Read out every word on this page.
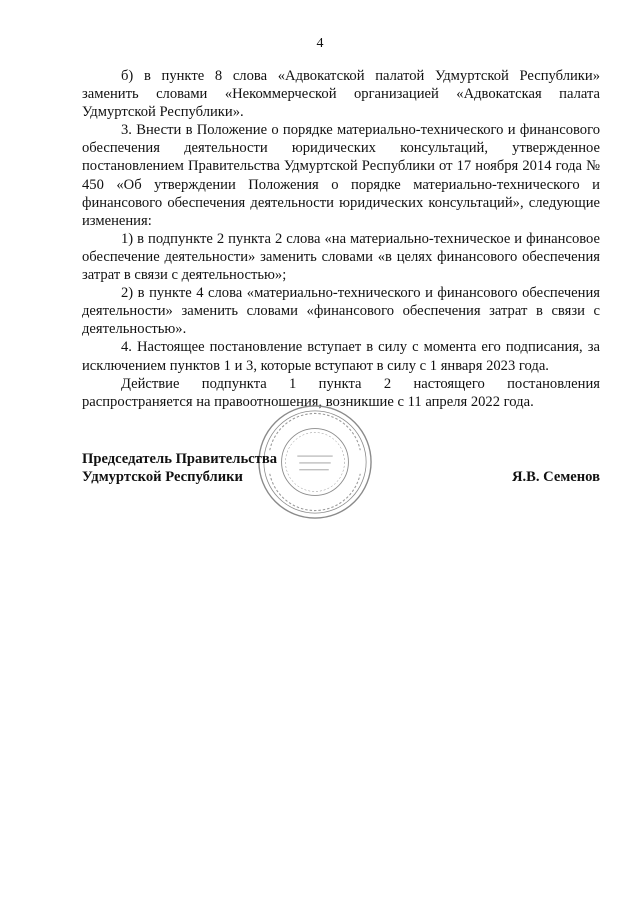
4

б) в пункте 8 слова «Адвокатской палатой Удмуртской Республики» заменить словами «Некоммерческой организацией «Адвокатская палата Удмуртской Республики».

3. Внести в Положение о порядке материально-технического и финансового обеспечения деятельности юридических консультаций, утвержденное постановлением Правительства Удмуртской Республики от 17 ноября 2014 года № 450 «Об утверждении Положения о порядке материально-технического и финансового обеспечения деятельности юридических консультаций», следующие изменения:

1) в подпункте 2 пункта 2 слова «на материально-техническое и финансовое обеспечение деятельности» заменить словами «в целях финансового обеспечения затрат в связи с деятельностью»;

2) в пункте 4 слова «материально-технического и финансового обеспечения деятельности» заменить словами «финансового обеспечения затрат в связи с деятельностью».

4. Настоящее постановление вступает в силу с момента его подписания, за исключением пунктов 1 и 3, которые вступают в силу с 1 января 2023 года.

Действие подпункта 1 пункта 2 настоящего постановления распространяется на правоотношения, возникшие с 11 апреля 2022 года.

Председатель Правительства
Удмуртской Республики	Я.В. Семенов
